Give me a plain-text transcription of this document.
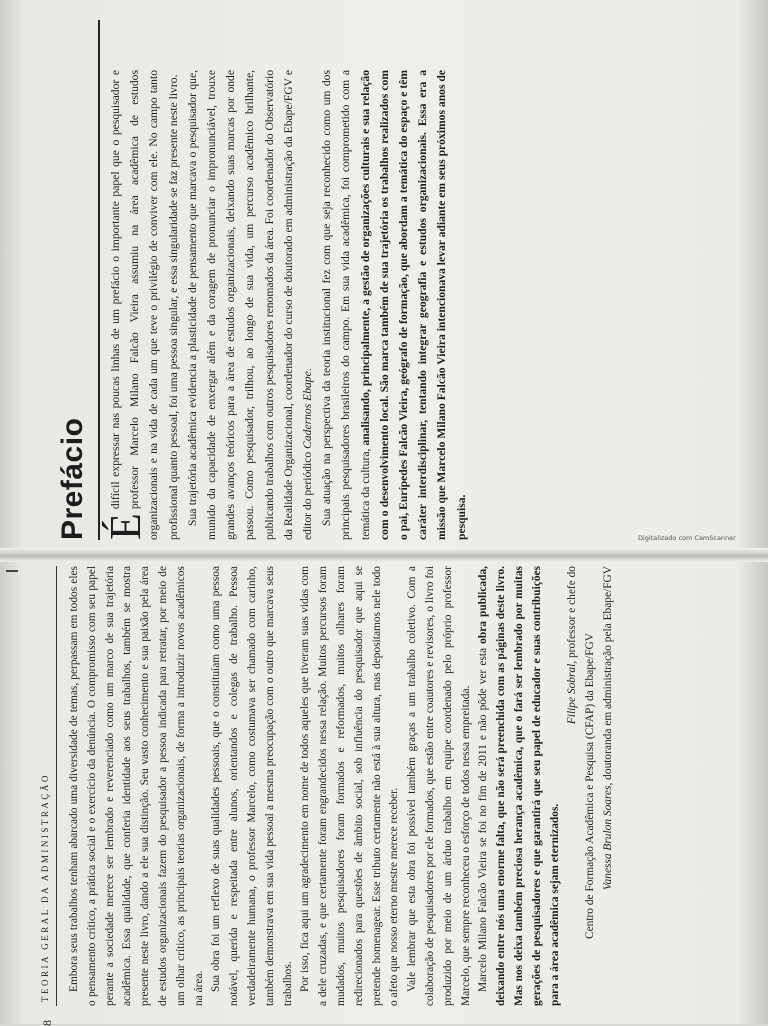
Prefácio É
difícil expressar nas poucas linhas de um prefácio o importante papel que o pesquisador e professor Marcelo Milano Falcão Vieira assumiu na área acadêmica de estudos organizacionais e na vida de cada um que teve o privilégio de conviver com ele. No campo tanto profissional quanto pessoal, foi uma pessoa singular, e essa singularidade se faz presente neste livro. Sua trajetória acadêmica evidencia a plasticidade de pensamento que marcava o pesquisador que, munido da capacidade de enxergar além e da coragem de pronunciar o impronunciável, trouxe grandes avanços teóricos para a área de estudos organizacionais, deixando suas marcas por onde passou. Como pesquisador, trilhou, ao longo de sua vida, um percurso acadêmico brilhante, publicando trabalhos com outros pesquisadores renomados da área. Foi coordenador do Observatório da Realidade Organizacional, coordenador do curso de doutorado em administração da Ebape/FGV e editor do periódico Cadernos Ebape. Sua atuação na perspectiva da teoria institucional fez com que seja reconhecido como um dos principais pesquisadores brasileiros do campo. Em sua vida acadêmica, foi comprometido com a temática da cultura, analisando, principalmente, a gestão de organizações culturais e sua relação com o desenvolvimento local. São marca também de sua trajetória os trabalhos realizados com o pai, Eurípedes Falcão Vieira, geógrafo de formação, que abordam a temática do espaço e têm caráter interdisciplinar, tentando integrar geografia e estudos organizacionais. Essa era a missão que Marcelo Milano Falcão Vieira intencionava levar adiante em seus próximos anos de pesquisa.

8
TEORIA GERAL DA ADMINISTRAÇÃO Embora seus trabalhos tenham abarcado uma diversidade de temas, perpassam em todos eles o pensamento crítico, a prática social e o exercício da denúncia. O compromisso com seu papel perante a sociedade merece ser lembrado e reverenciado como um marco de sua trajetória acadêmica. Essa qualidade, que conferia identidade aos seus trabalhos, também se mostra presente neste livro, dando a ele sua distinção. Seu vasto conhecimento e sua paixão pela área de estudos organizacionais fazem do pesquisador a pessoa indicada para retratar, por meio de um olhar crítico, as principais teorias organizacionais, de forma a introduzir novos acadêmicos na área. Sua obra foi um reflexo de suas qualidades pessoais, que o constituíam como uma pessoa notável, querida e respeitada entre alunos, orientandos e colegas de trabalho. Pessoa verdadeiramente humana, o professor Marcelo, como costumava ser chamado com carinho, também demonstrava em sua vida pessoal a mesma preocupação com o outro que marcava seus trabalhos. Por isso, fica aqui um agradecimento em nome de todos aqueles que tiveram suas vidas com a dele cruzadas, e que certamente foram engrandecidos nessa relação. Muitos percursos foram mudados, muitos pesquisadores foram formados e reformados, muitos olhares foram redirecionados para questões de âmbito social, sob influência do pesquisador que aqui se pretende homenagear. Esse tributo certamente não está à sua altura, mas depositamos nele todo o afeto que nosso eterno mestre merece receber. Vale lembrar que esta obra foi possível também graças a um trabalho coletivo. Com a colaboração de pesquisadores por ele formados, que estão entre coautores e revisores, o livro foi produzido por meio de um árduo trabalho em equipe coordenado pelo próprio professor Marcelo, que sempre reconheceu o esforço de todos nessa empreitada. Marcelo Milano Falcão Vieira se foi no fim de 2011 e não pôde ver esta obra publicada, deixando entre nós uma enorme falta, que não será preenchida com as páginas deste livro. Mas nos deixa também preciosa herança acadêmica, que o fará ser lembrado por muitas gerações de pesquisadores e que garantirá que seu papel de educador e suas contribuições para a área acadêmica sejam eternizados.

Filipe Sobral, professor e chefe do

Centro de Formação Acadêmica e Pesquisa (CFAP) da Ebape/FGV Vanessa Brulon Soares, doutoranda em administração pela Ebape/FGV

Digitalizado com CamScanner
